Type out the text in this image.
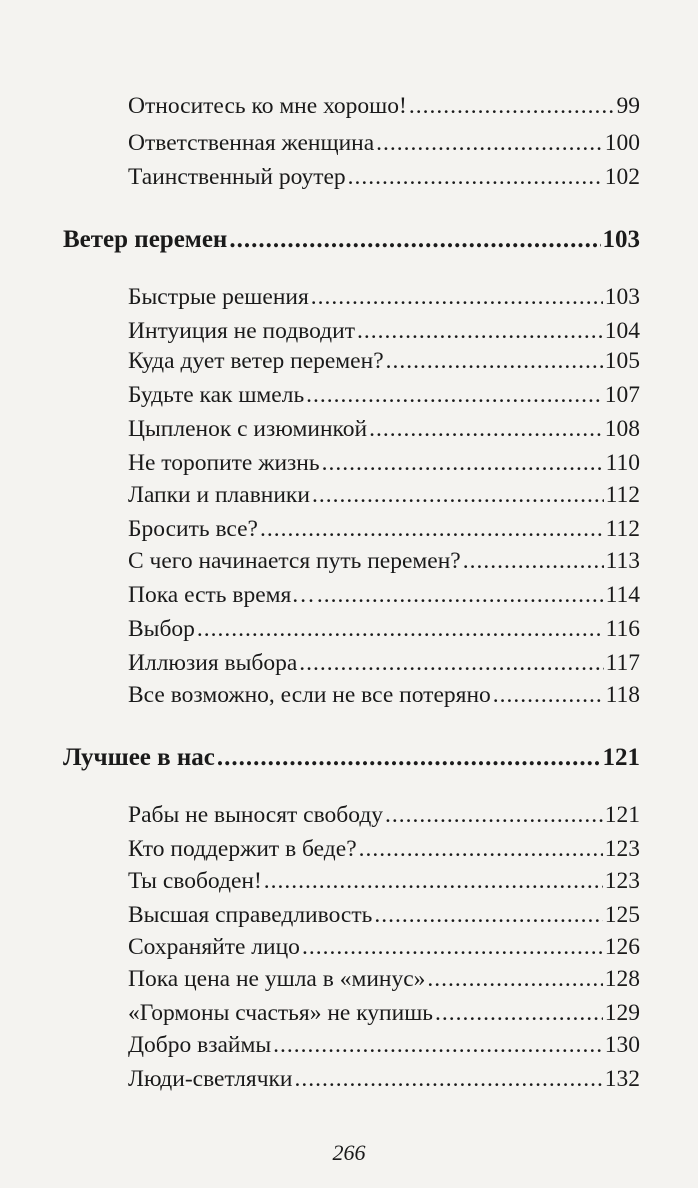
Относитесь ко мне хорошо! .....	99
Ответственная женщина .....	100
Таинственный роутер .....	102
Ветер перемен .....	103
Быстрые решения .....	103
Интуиция не подводит .....	104
Куда дует ветер перемен? .....	105
Будьте как шмель .....	107
Цыпленок с изюминкой .....	108
Не торопите жизнь .....	110
Лапки и плавники .....	112
Бросить все? .....	112
С чего начинается путь перемен? .....	113
Пока есть время… .....	114
Выбор .....	116
Иллюзия выбора .....	117
Все возможно, если не все потеряно .....	118
Лучшее в нас .....	121
Рабы не выносят свободу .....	121
Кто поддержит в беде? .....	123
Ты свободен! .....	123
Высшая справедливость .....	125
Сохраняйте лицо .....	126
Пока цена не ушла в «минус» .....	128
«Гормоны счастья» не купишь .....	129
Добро взаймы .....	130
Люди-светлячки .....	132
266
